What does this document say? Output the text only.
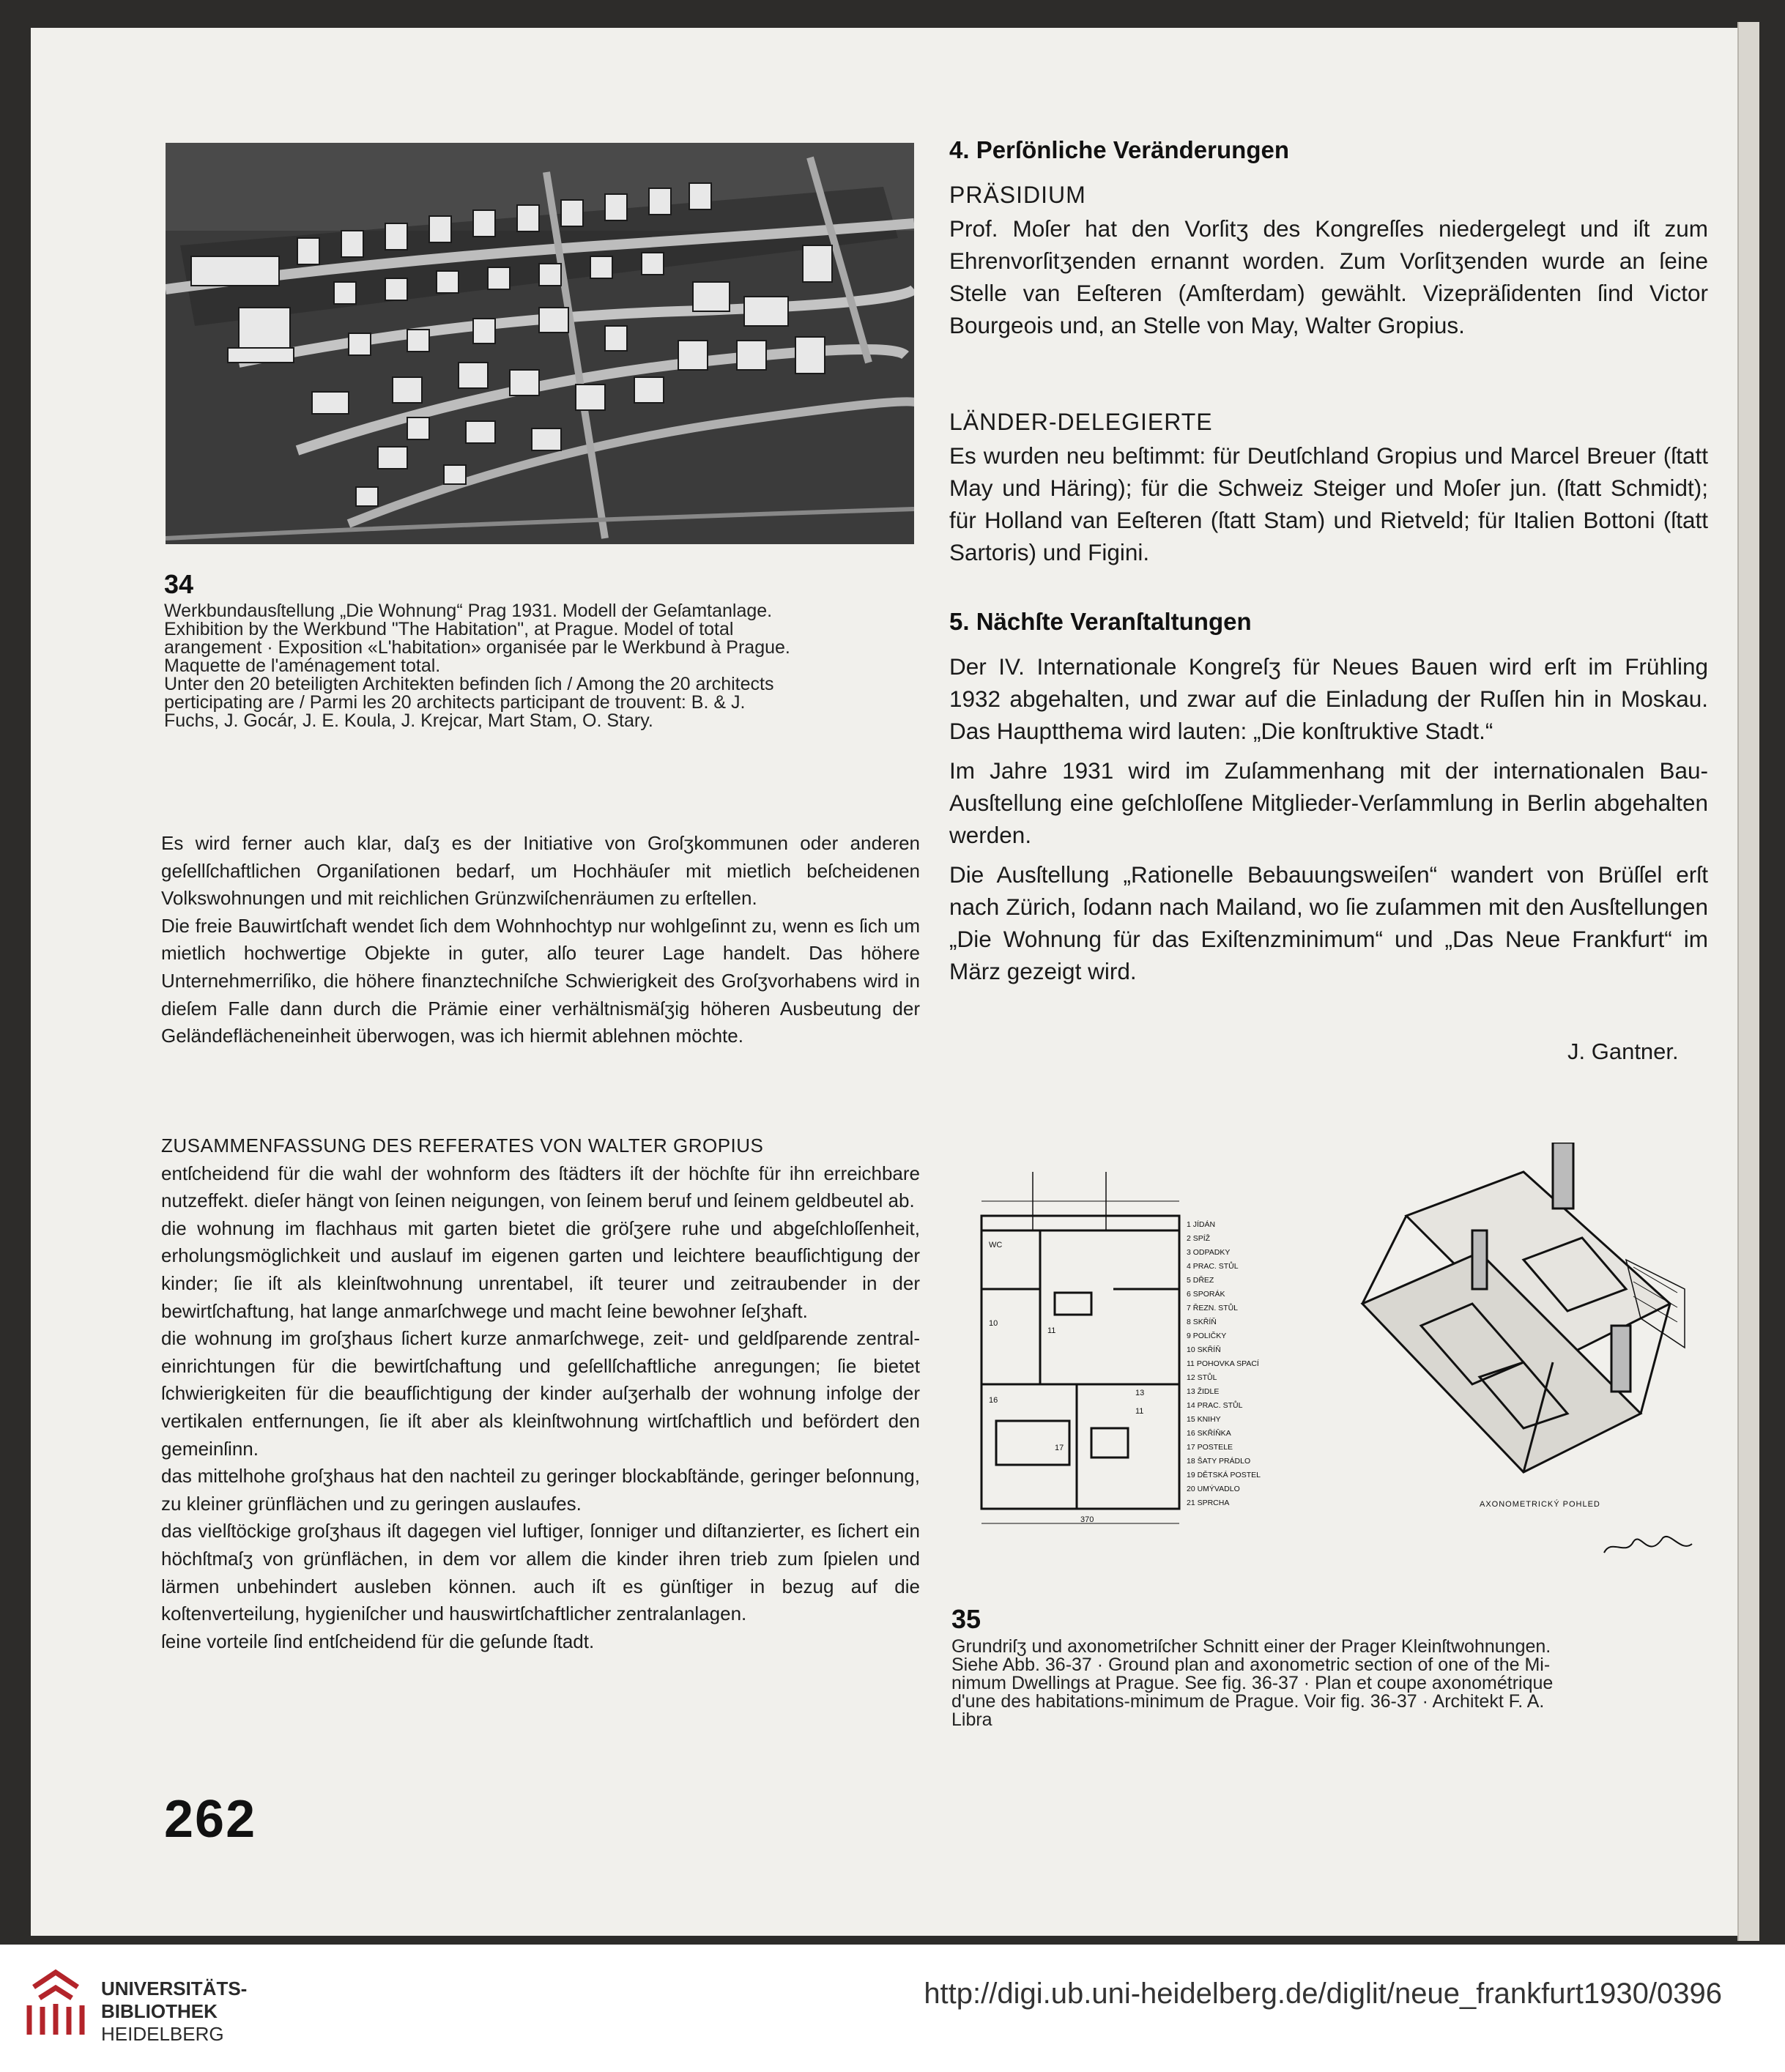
34

Werkbundausſtellung „Die Wohnung“ Prag 1931. Modell der Geſamtanlage.

Exhibition by the Werkbund "The Habitation", at Prague. Model of total

arangement · Exposition «L'habitation» organisée par le Werkbund à Prague.

Maquette de l'aménagement total.

Unter den 20 beteiligten Architekten befinden ſich / Among the 20 architects

perticipating are / Parmi les 20 architects participant de trouvent: B. & J.

Fuchs, J. Gocár, J. E. Koula, J. Krejcar, Mart Stam, O. Stary.

Es wird ferner auch klar, daſʒ es der Initiative von Groſʒkommunen oder anderen geſellſchaftlichen Organiſationen bedarf, um Hochhäuſer mit mietlich beſcheidenen Volkswohnungen und mit reichlichen Grünzwiſchenräumen zu erſtellen.

Die freie Bauwirtſchaft wendet ſich dem Wohnhochtyp nur wohlgeſinnt zu, wenn es ſich um mietlich hochwertige Objekte in guter, alſo teurer Lage handelt. Das höhere Unternehmerriſiko, die höhere finanztechniſche Schwierigkeit des Groſʒvorhabens wird in dieſem Falle dann durch die Prämie einer verhältnismäſʒig höheren Ausbeutung der Geländeflächeneinheit überwogen, was ich hiermit ablehnen möchte.

ZUSAMMENFASSUNG DES REFERATES VON WALTER GROPIUS

entſcheidend für die wahl der wohnform des ſtädters iſt der höchſte für ihn erreichbare nutzeffekt. dieſer hängt von ſeinen neigungen, von ſeinem beruf und ſeinem geldbeutel ab.

die wohnung im flachhaus mit garten bietet die gröſʒere ruhe und abgeſchloſſenheit, erholungsmöglichkeit und auslauf im eigenen garten und leichtere beaufſichtigung der kinder; ſie iſt als kleinſtwohnung unrentabel, iſt teurer und zeitraubender in der bewirtſchaftung, hat lange anmarſchwege und macht ſeine bewohner ſeſʒhaft.

die wohnung im groſʒhaus ſichert kurze anmarſchwege, zeit- und geldſparende zentral-einrichtungen für die bewirtſchaftung und geſellſchaftliche anregungen; ſie bietet ſchwierigkeiten für die beaufſichtigung der kinder auſʒerhalb der wohnung infolge der vertikalen entfernungen, ſie iſt aber als kleinſtwohnung wirtſchaftlich und befördert den gemeinſinn.

das mittelhohe groſʒhaus hat den nachteil zu geringer blockabſtände, geringer beſonnung, zu kleiner grünflächen und zu geringen auslaufes.

das vielſtöckige groſʒhaus iſt dagegen viel luftiger, ſonniger und diſtanzierter, es ſichert ein höchſtmaſʒ von grünflächen, in dem vor allem die kinder ihren trieb zum ſpielen und lärmen unbehindert ausleben können. auch iſt es günſtiger in bezug auf die koſtenverteilung, hygieniſcher und hauswirtſchaftlicher zentralanlagen.

ſeine vorteile ſind entſcheidend für die geſunde ſtadt.

262
4. Perſönliche Veränderungen
PRÄSIDIUM

Prof. Moſer hat den Vorſitʒ des Kongreſſes niedergelegt und iſt zum Ehrenvorſitʒenden ernannt worden. Zum Vorſitʒenden wurde an ſeine Stelle van Eeſteren (Amſterdam) gewählt. Vizepräſidenten ſind Victor Bourgeois und, an Stelle von May, Walter Gropius.

LÄNDER-DELEGIERTE

Es wurden neu beſtimmt: für Deutſchland Gropius und Marcel Breuer (ſtatt May und Häring); für die Schweiz Steiger und Moſer jun. (ſtatt Schmidt); für Holland van Eeſteren (ſtatt Stam) und Rietveld; für Italien Bottoni (ſtatt Sartoris) und Figini.

5. Nächſte Veranſtaltungen

Der IV. Internationale Kongreſʒ für Neues Bauen wird erſt im Frühling 1932 abgehalten, und zwar auf die Einladung der Ruſſen hin in Moskau. Das Hauptthema wird lauten: „Die konſtruktive Stadt.“

Im Jahre 1931 wird im Zuſammenhang mit der internationalen Bau-Ausſtellung eine geſchloſſene Mitglieder-Verſammlung in Berlin abgehalten werden.

Die Ausſtellung „Rationelle Bebauungsweiſen“ wandert von Brüſſel erſt nach Zürich, ſodann nach Mailand, wo ſie zuſammen mit den Ausſtellungen „Die Wohnung für das Exiſtenzminimum“ und „Das Neue Frankfurt“ im März gezeigt wird.

J. Gantner.
370
WC
10
11
16
17
13
11
1 JÍDÁN
2 SPÍŽ
3 ODPADKY
4 PRAC. STŮL
5 DŘEZ
6 SPORÁK
7 ŘEZN. STŮL
8 SKŘÍŇ
9 POLIČKY
10 SKŘÍŇ
11 POHOVKA SPACÍ
12 STŮL
13 ŽIDLE
14 PRAC. STŮL
15 KNIHY
16 SKŘÍŇKA
17 POSTELE
18 ŠATY PRÁDLO
19 DĚTSKÁ POSTEL
20 UMÝVADLO
21 SPRCHA	AXONOMETRICKÝ POHLED
35

Grundriſʒ und axonometriſcher Schnitt einer der Prager Kleinſtwohnungen.

Siehe Abb. 36-37 · Ground plan and axonometric section of one of the Mi-

nimum Dwellings at Prague. See fig. 36-37 · Plan et coupe axonométrique

d'une des habitations-minimum de Prague. Voir fig. 36-37 · Architekt F. A.

Libra

UNIVERSITÄTS-
BIBLIOTHEK
HEIDELBERG
http://digi.ub.uni-heidelberg.de/diglit/neue_frankfurt1930/0396
